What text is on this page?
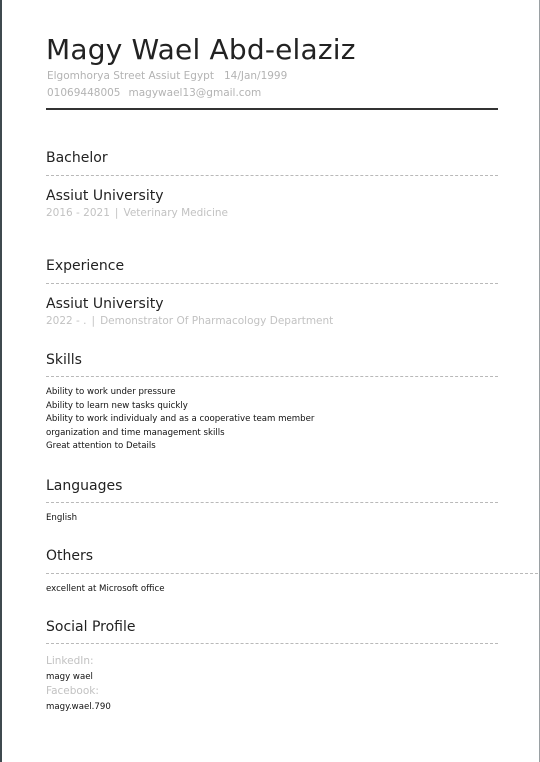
Magy Wael Abd-elaziz
Elgomhorya Street Assiut Egypt 14/Jan/1999
01069448005 magywael13@gmail.com
Bachelor
Assiut University
2016 - 2021 | Veterinary Medicine
Experience
Assiut University
2022 - . | Demonstrator Of Pharmacology Department
Skills
Ability to work under pressure
Ability to learn new tasks quickly
Ability to work individualy and as a cooperative team member
organization and time management skills
Great attention to Details
Languages
English
Others
excellent at Microsoft office
Social Profile
LinkedIn:
magy wael
Facebook:
magy.wael.790
